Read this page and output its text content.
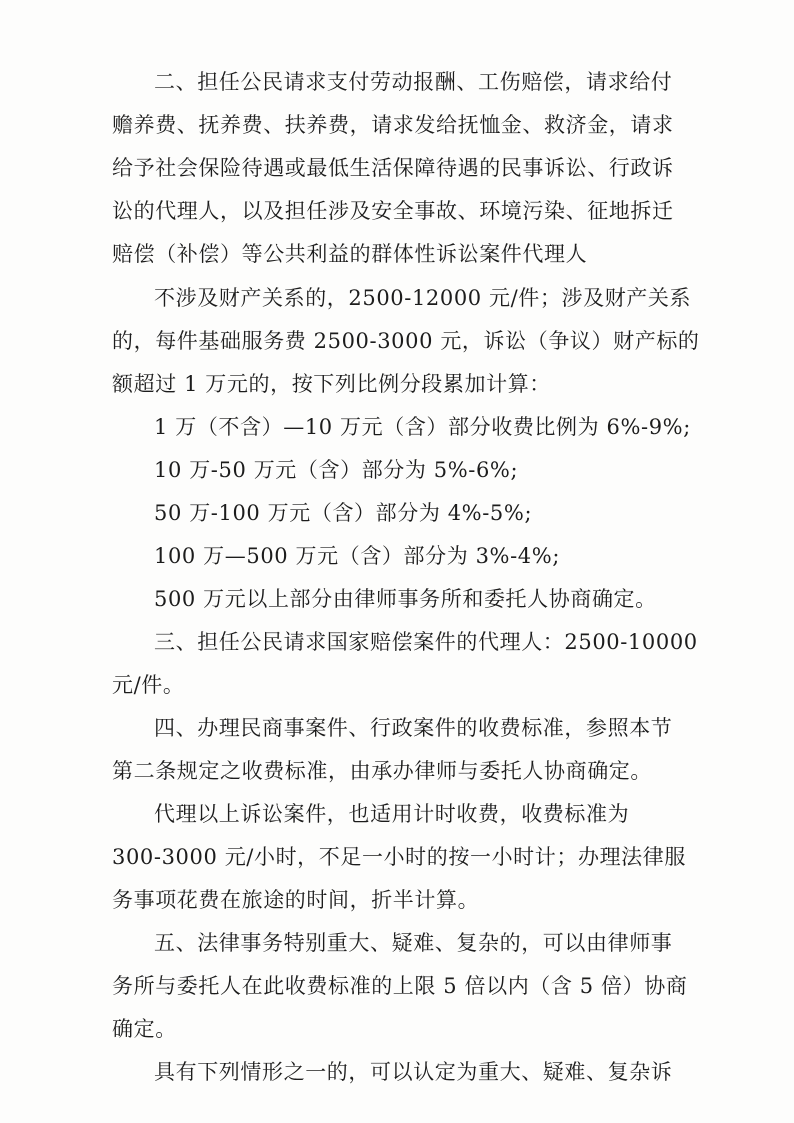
二、担任公民请求支付劳动报酬、工伤赔偿，请求给付
赡养费、抚养费、扶养费，请求发给抚恤金、救济金，请求
给予社会保险待遇或最低生活保障待遇的民事诉讼、行政诉
讼的代理人，以及担任涉及安全事故、环境污染、征地拆迁
赔偿（补偿）等公共利益的群体性诉讼案件代理人
不涉及财产关系的，2500-12000 元/件；涉及财产关系
的，每件基础服务费 2500-3000 元，诉讼（争议）财产标的
额超过 1 万元的，按下列比例分段累加计算：
1 万（不含）—10 万元（含）部分收费比例为 6%-9%;
10 万-50 万元（含）部分为 5%-6%;
50 万-100 万元（含）部分为 4%-5%;
100 万—500 万元（含）部分为 3%-4%;
500 万元以上部分由律师事务所和委托人协商确定。
三、担任公民请求国家赔偿案件的代理人：2500-10000
元/件。
四、办理民商事案件、行政案件的收费标准，参照本节
第二条规定之收费标准，由承办律师与委托人协商确定。
代理以上诉讼案件，也适用计时收费，收费标准为
300-3000 元/小时，不足一小时的按一小时计；办理法律服
务事项花费在旅途的时间，折半计算。
五、法律事务特别重大、疑难、复杂的，可以由律师事
务所与委托人在此收费标准的上限 5 倍以内（含 5 倍）协商
确定。
具有下列情形之一的，可以认定为重大、疑难、复杂诉
